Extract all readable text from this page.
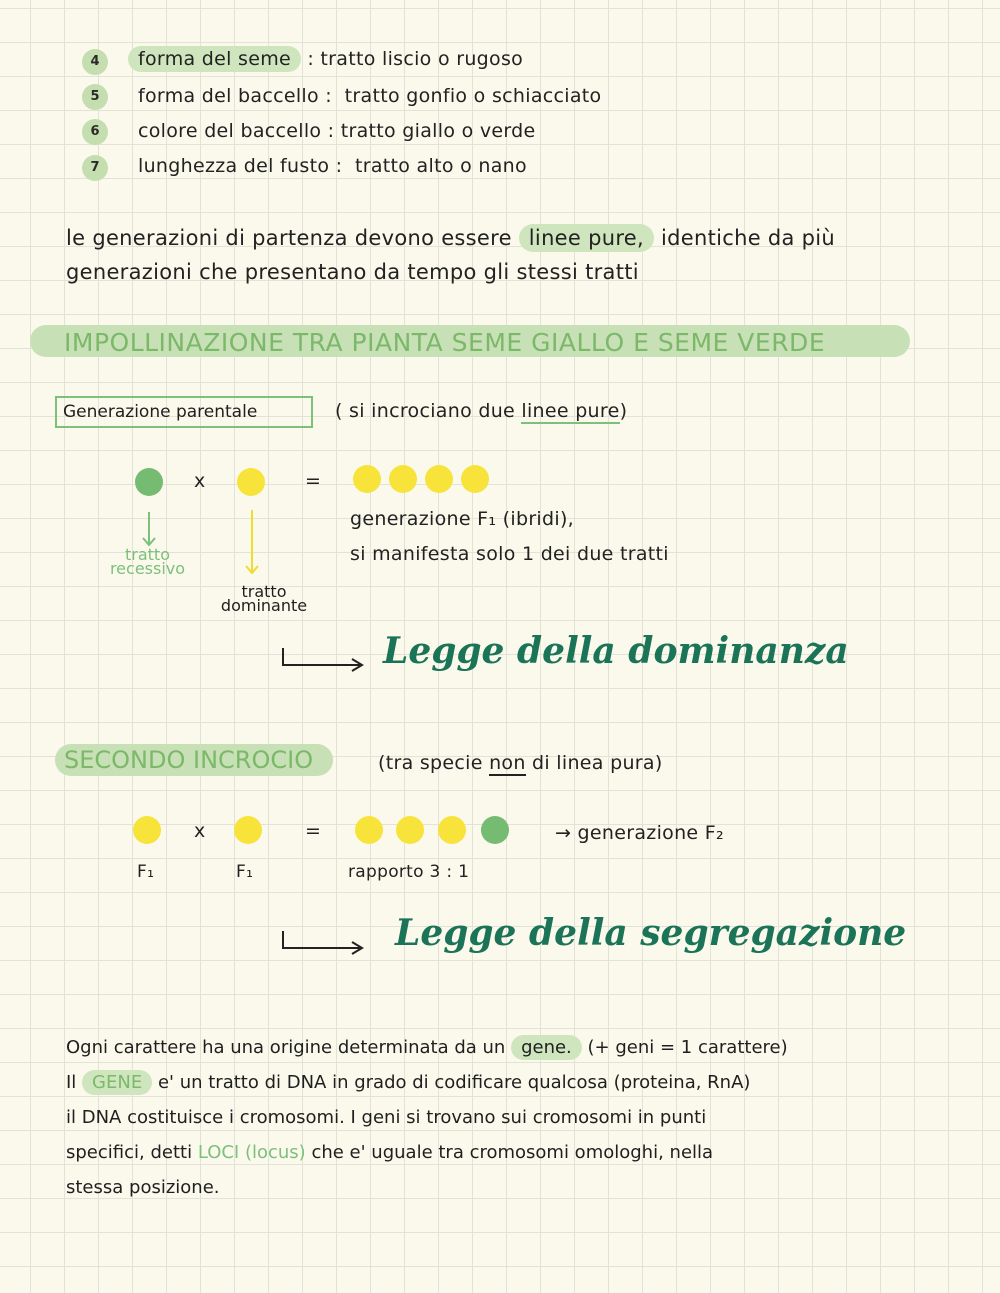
4	forma del seme : tratto liscio o rugoso
5	forma del baccello : tratto gonfio o schiacciato
6	colore del baccello : tratto giallo o verde
7	lunghezza del fusto : tratto alto o nano
le generazioni di partenza devono essere linee pure, identiche da più
generazioni che presentano da tempo gli stessi tratti
IMPOLLINAZIONE TRA PIANTA SEME GIALLO E SEME VERDE
Generazione parentale	( si incrociano due linee pure)
x	=
tratto recessivo
tratto dominante
generazione F₁ (ibridi),
si manifesta solo 1 dei due tratti
Legge della dominanza
SECONDO INCROCIO	(tra specie non di linea pura)
x	=	→ generazione F₂
F₁	F₁	rapporto 3 : 1
Legge della segregazione
Ogni carattere ha una origine determinata da un gene. (+ geni = 1 carattere)
Il GENE e' un tratto di DNA in grado di codificare qualcosa (proteina, RnA)
il DNA costituisce i cromosomi. I geni si trovano sui cromosomi in punti
specifici, detti LOCI (locus) che e' uguale tra cromosomi omologhi, nella
stessa posizione.
